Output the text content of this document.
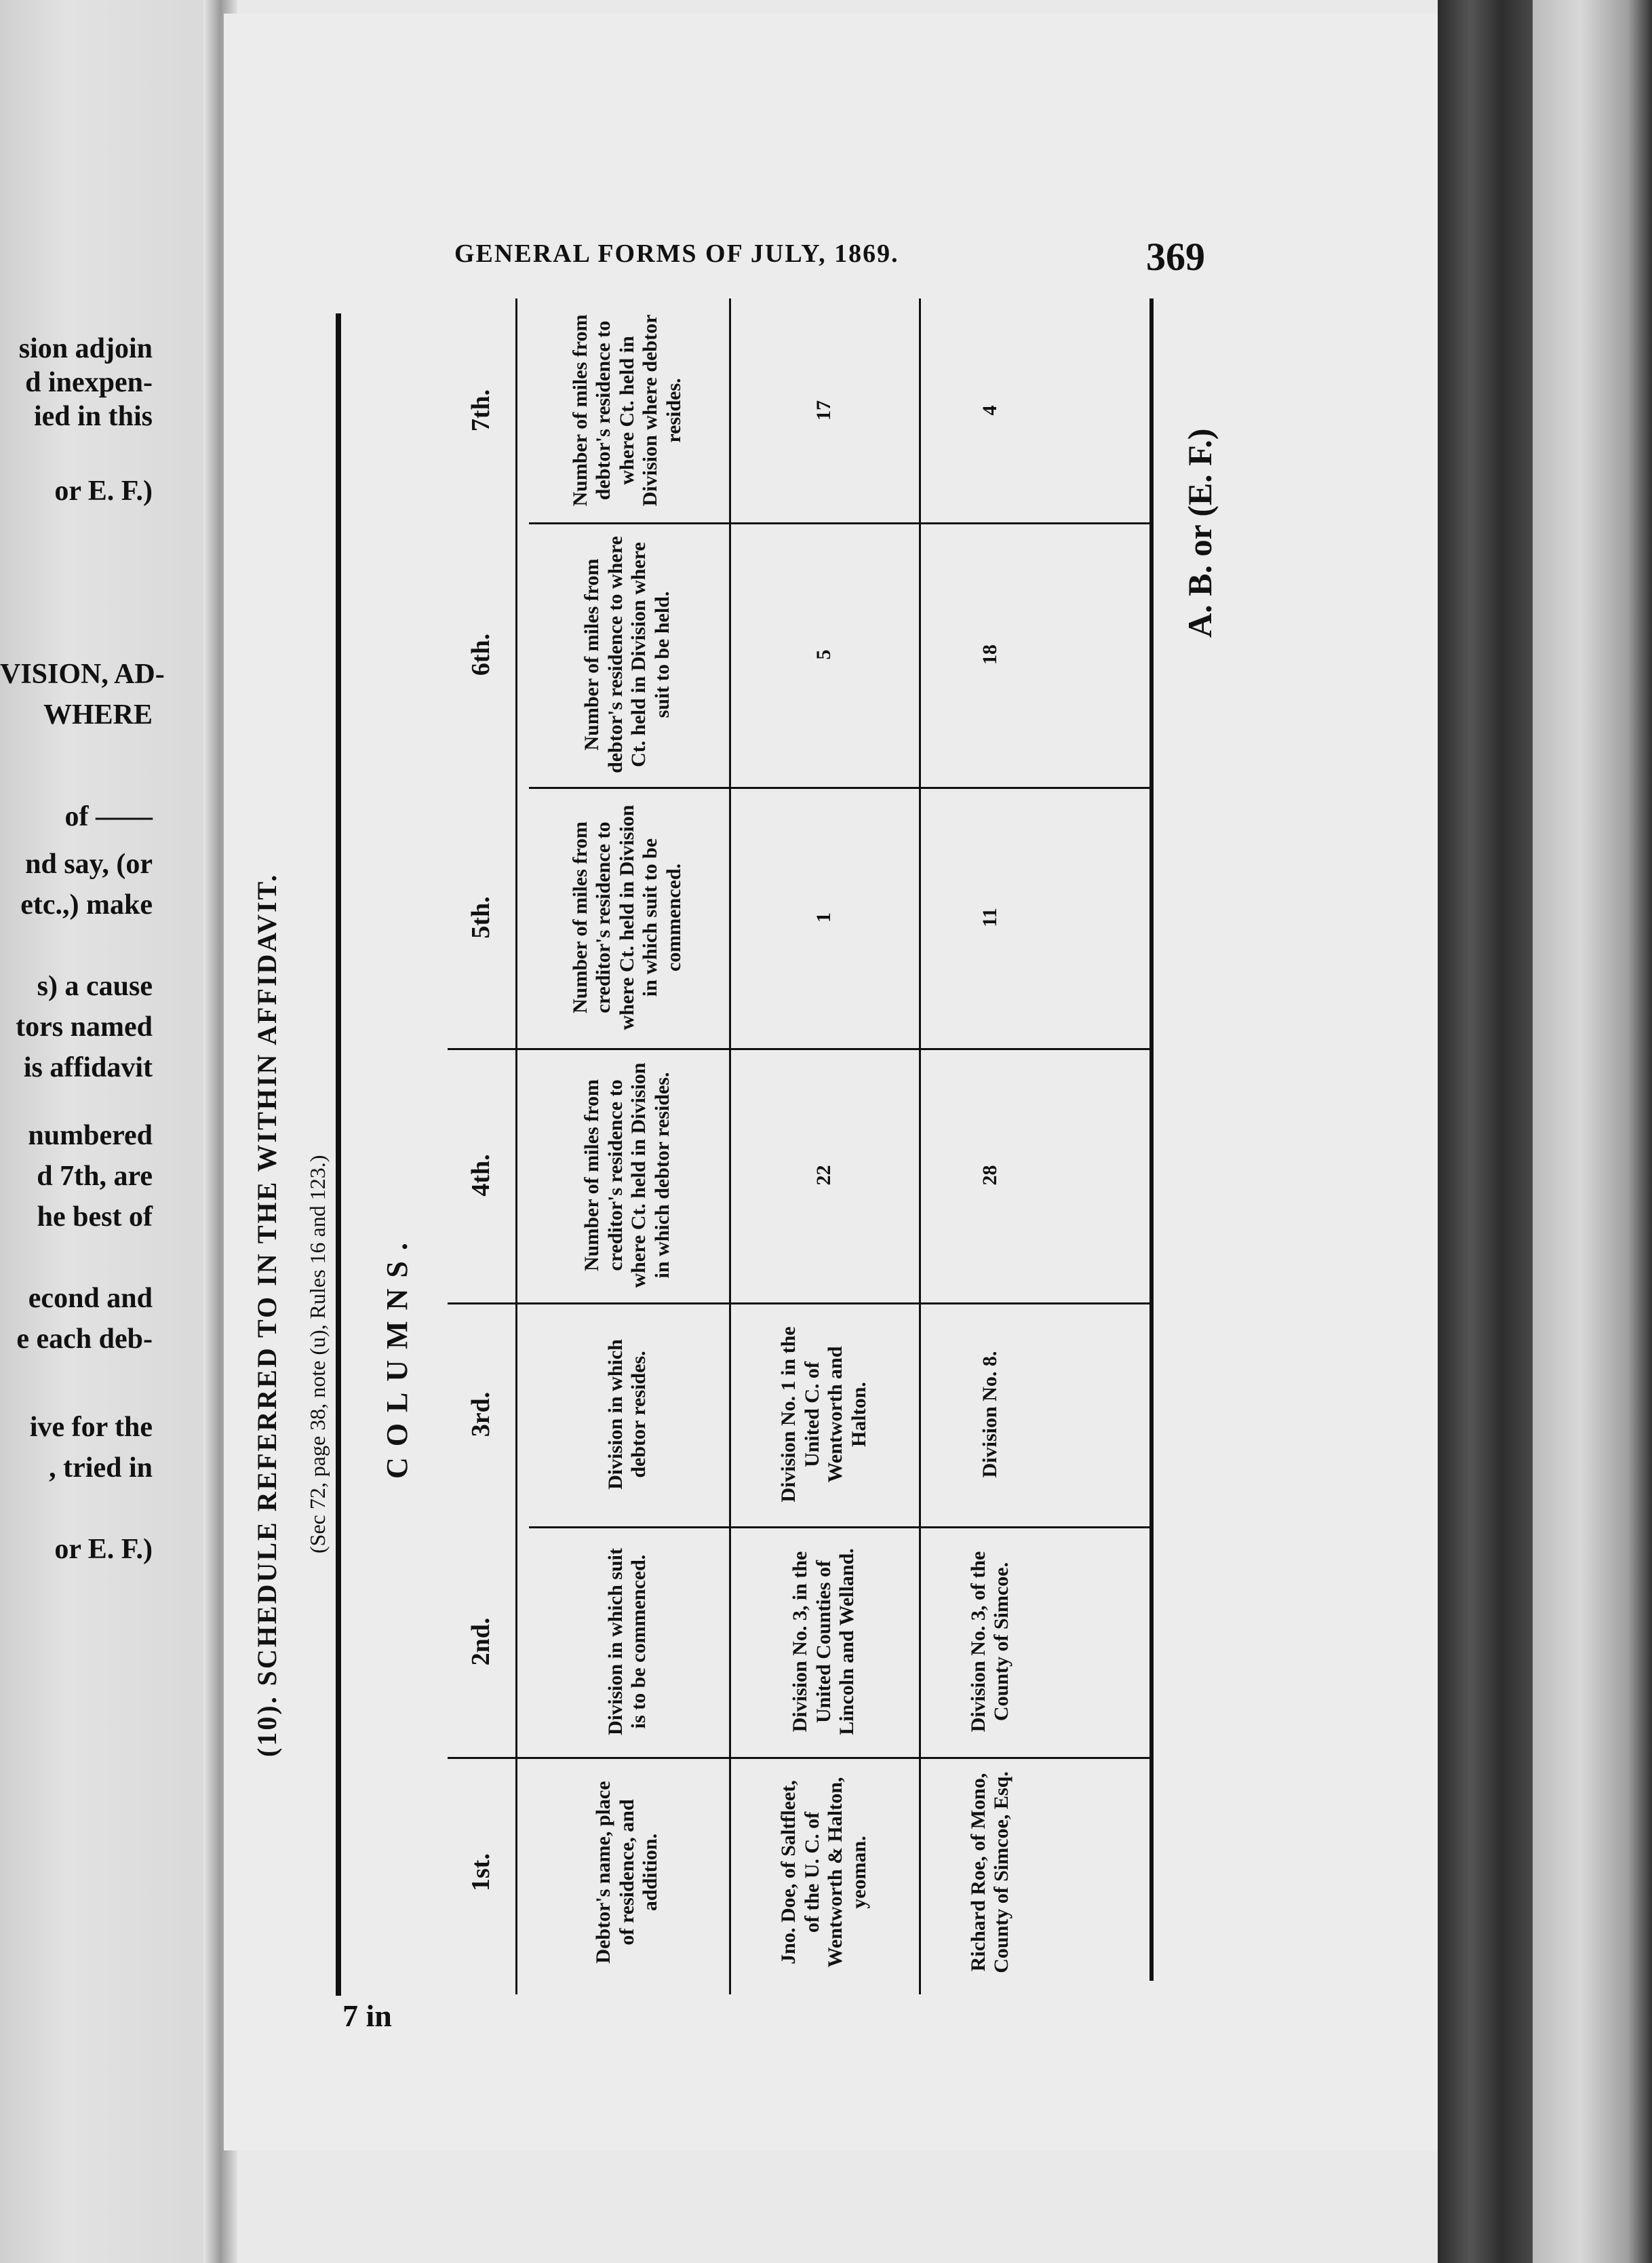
sion adjoin
d inexpen-
ied in this
or E. F.)
VISION, AD-
WHERE
of ——
nd say, (or
etc.,) make
s) a cause
tors named
is affidavit
numbered
d 7th, are
he best of
econd and
e each deb-
ive for the
, tried in
or E. F.)
GENERAL FORMS OF JULY, 1869.	369
COLUMNS.
1st.	Debtor's name, place of residence, and addition.	Jno. Doe, of Saltfleet, of the U. C. of Wentworth & Halton, yeoman.	Richard Roe, of Mono, County of Simcoe, Esq.
2nd.	Division in which suit is to be commenced.	Division No. 3, in the United Counties of Lincoln and Welland.	Division No. 3, of the County of Simcoe.
3rd.	Division in which debtor resides.	Division No. 1 in the United C. of Wentworth and Halton.	Division No. 8.
4th.	Number of miles from creditor's residence to where Ct. held in Division in which debtor resides.	22	28
5th.	Number of miles from creditor's residence to where Ct. held in Division in which suit to be commenced.	1	11
6th.	Number of miles from debtor's residence to where Ct. held in Division where suit to be held.	5	18
7th.	Number of miles from debtor's residence to where Ct. held in Division where debtor resides.	17	4
(10). SCHEDULE REFERRED TO IN THE WITHIN AFFIDAVIT.	(Sec 72, page 38, note (u), Rules 16 and 123.)
7 in
A. B. or (E. F.)
